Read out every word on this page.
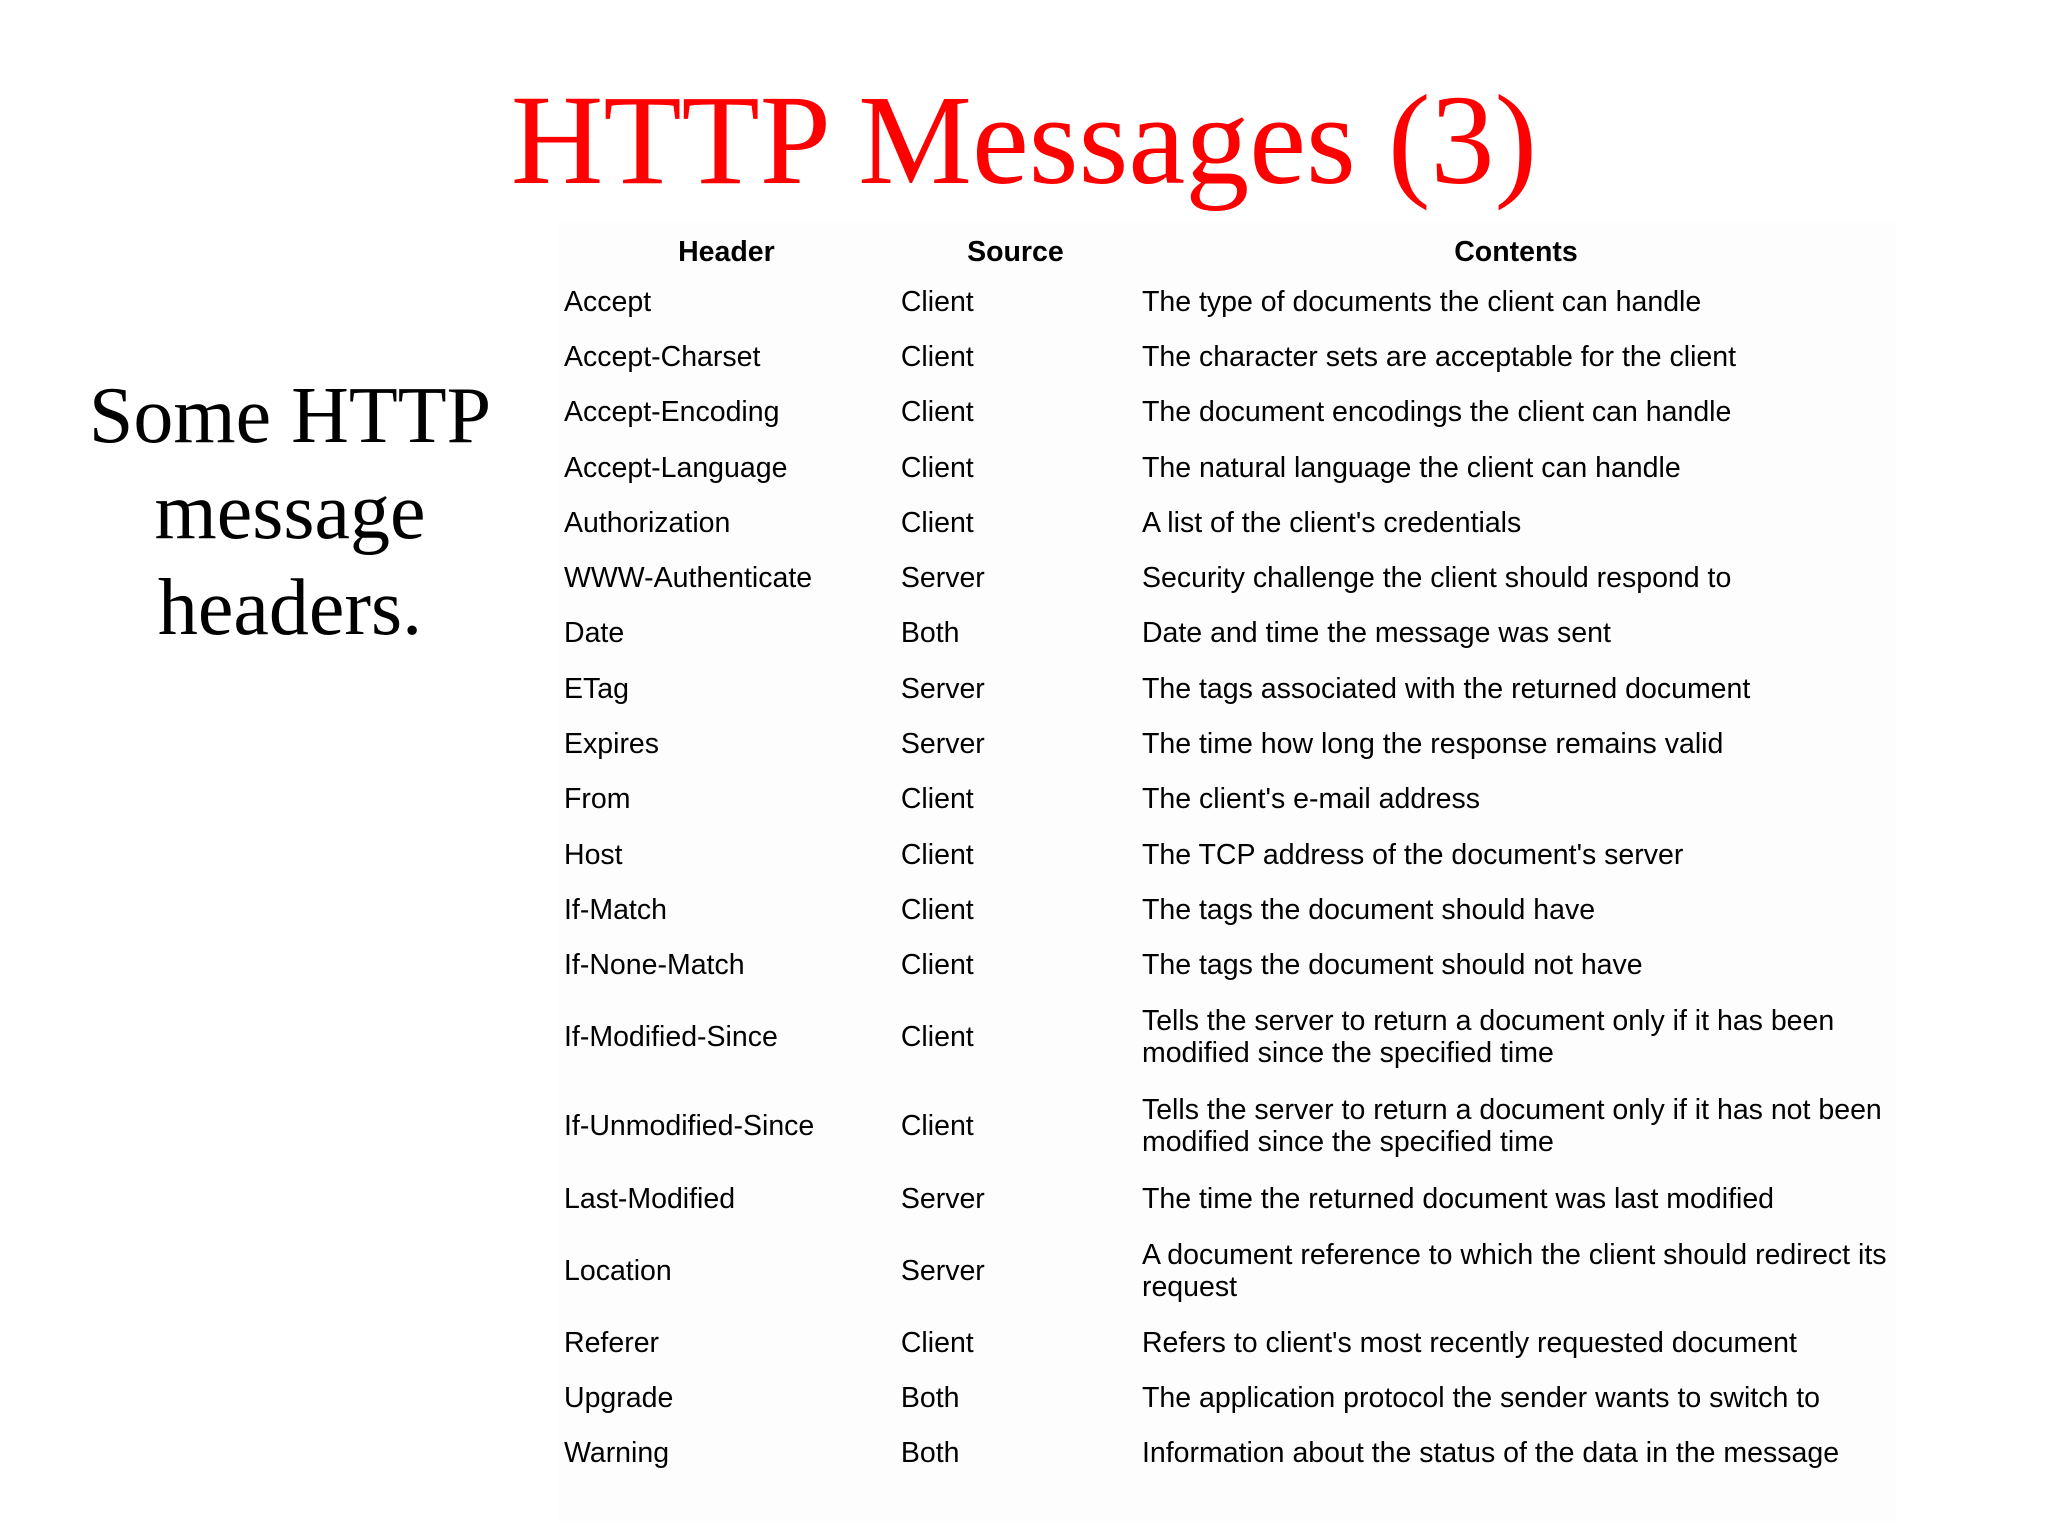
HTTP Messages (3)
Some HTTP
message
headers.
Header	Source	Contents
Accept	Client	The type of documents the client can handle
Accept-Charset	Client	The character sets are acceptable for the client
Accept-Encoding	Client	The document encodings the client can handle
Accept-Language	Client	The natural language the client can handle
Authorization	Client	A list of the client's credentials
WWW-Authenticate	Server	Security challenge the client should respond to
Date	Both	Date and time the message was sent
ETag	Server	The tags associated with the returned document
Expires	Server	The time how long the response remains valid
From	Client	The client's e-mail address
Host	Client	The TCP address of the document's server
If-Match	Client	The tags the document should have
If-None-Match	Client	The tags the document should not have
If-Modified-Since	Client	Tells the server to return a document only if it has been
modified since the specified time

If-Unmodified-Since	Client	Tells the server to return a document only if it has not been
modified since the specified time

Last-Modified	Server	The time the returned document was last modified
Location	Server	A document reference to which the client should redirect its
request

Referer	Client	Refers to client's most recently requested document
Upgrade	Both	The application protocol the sender wants to switch to
Warning	Both	Information about the status of the data in the message
